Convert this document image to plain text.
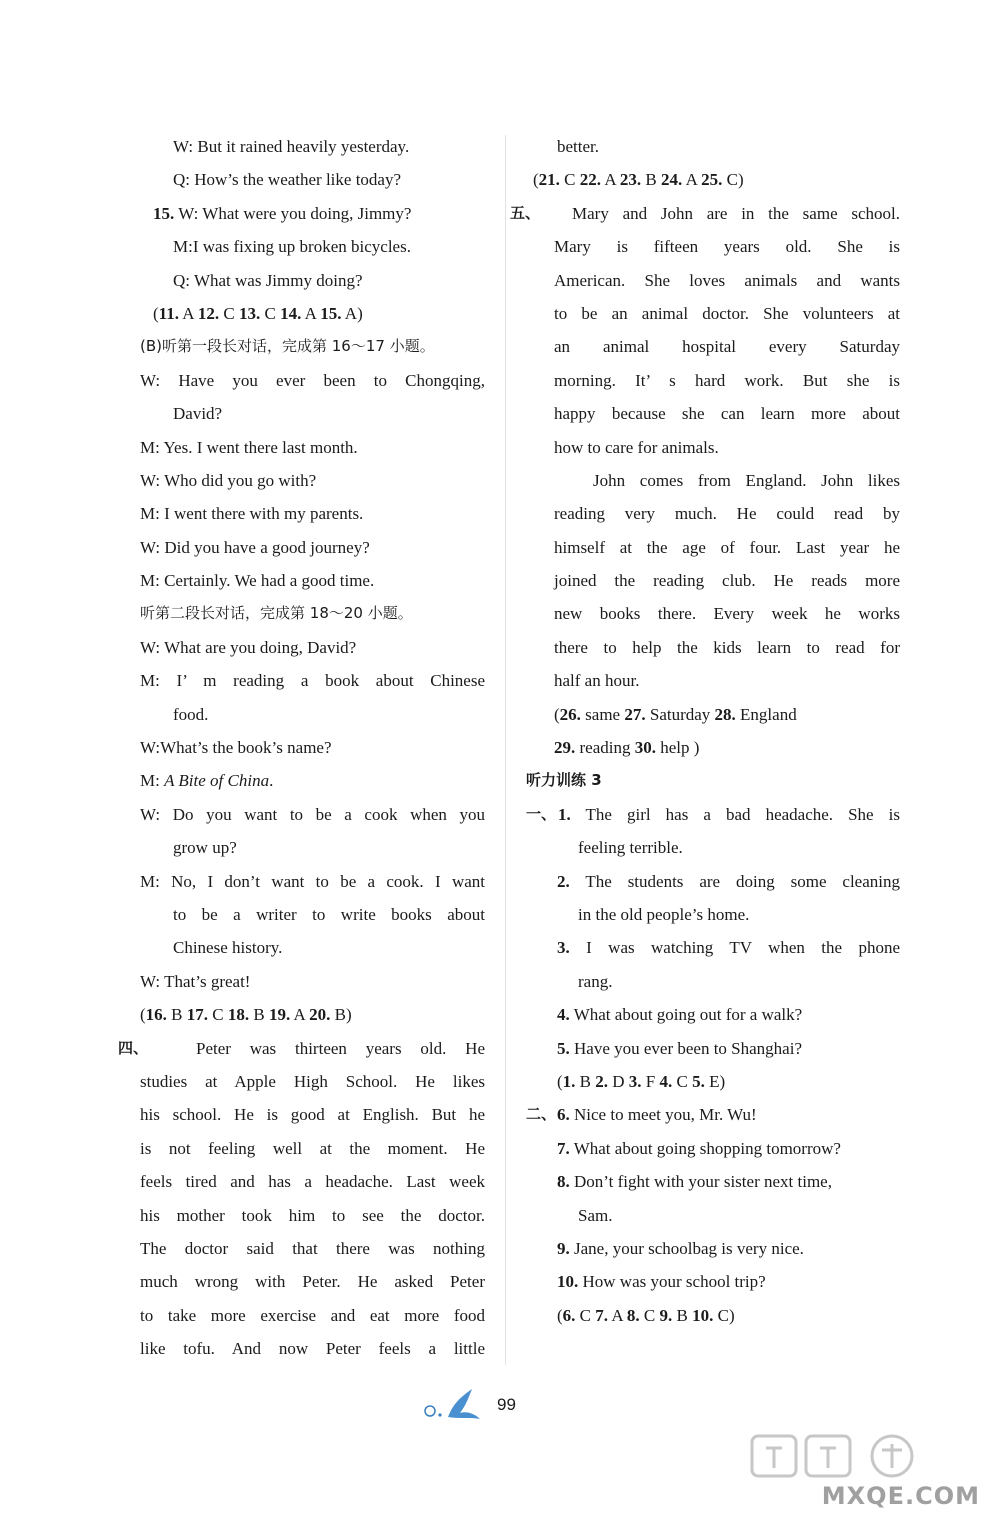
W: But it rained heavily yesterday.
Q: How’s the weather like today?
15. W: What were you doing, Jimmy?
M:I was fixing up broken bicycles.
Q: What was Jimmy doing?
(11. A 12. C 13. C 14. A 15. A)
(B)听第一段长对话，完成第 16～17 小题。
W: Have you ever been to Chongqing,
David?
M: Yes. I went there last month.
W: Who did you go with?
M: I went there with my parents.
W: Did you have a good journey?
M: Certainly. We had a good time.
听第二段长对话，完成第 18～20 小题。
W: What are you doing, David?
M: I’ m reading a book about Chinese
food.
W:What’s the book’s name?
M: A Bite of China.
W: Do you want to be a cook when you
grow up?
M: No, I don’t want to be a cook. I want
to be a writer to write books about
Chinese history.
W: That’s great!
(16. B 17. C 18. B 19. A 20. B)
四、	Peter was thirteen years old. He
studies at Apple High School. He likes
his school. He is good at English. But he
is not feeling well at the moment. He
feels tired and has a headache. Last week
his mother took him to see the doctor.
The doctor said that there was nothing
much wrong with Peter. He asked Peter
to take more exercise and eat more food
like tofu. And now Peter feels a little
better.
(21. C 22. A 23. B 24. A 25. C)
五、 Mary and John are in the same school.
Mary is fifteen years old. She is
American. She loves animals and wants
to be an animal doctor. She volunteers at
an animal hospital every Saturday
morning. It’ s hard work. But she is
happy because she can learn more about
how to care for animals.
John comes from England. John likes
reading very much. He could read by
himself at the age of four. Last year he
joined the reading club. He reads more
new books there. Every week he works
there to help the kids learn to read for
half an hour.
(26. same 27. Saturday 28. England
29. reading 30. help )
听力训练 3
一、 1. The girl has a bad headache. She is
feeling terrible.
2. The students are doing some cleaning
in the old people’s home.
3. I was watching TV when the phone
rang.
4. What about going out for a walk?
5. Have you ever been to Shanghai?
(1. B 2. D 3. F 4. C 5. E)
二、 6. Nice to meet you, Mr. Wu!
7. What about going shopping tomorrow?
8. Don’t fight with your sister next time,
Sam.
9. Jane, your schoolbag is very nice.
10. How was your school trip?
(6. C 7. A 8. C 9. B 10. C)
99
MXQE.COM
